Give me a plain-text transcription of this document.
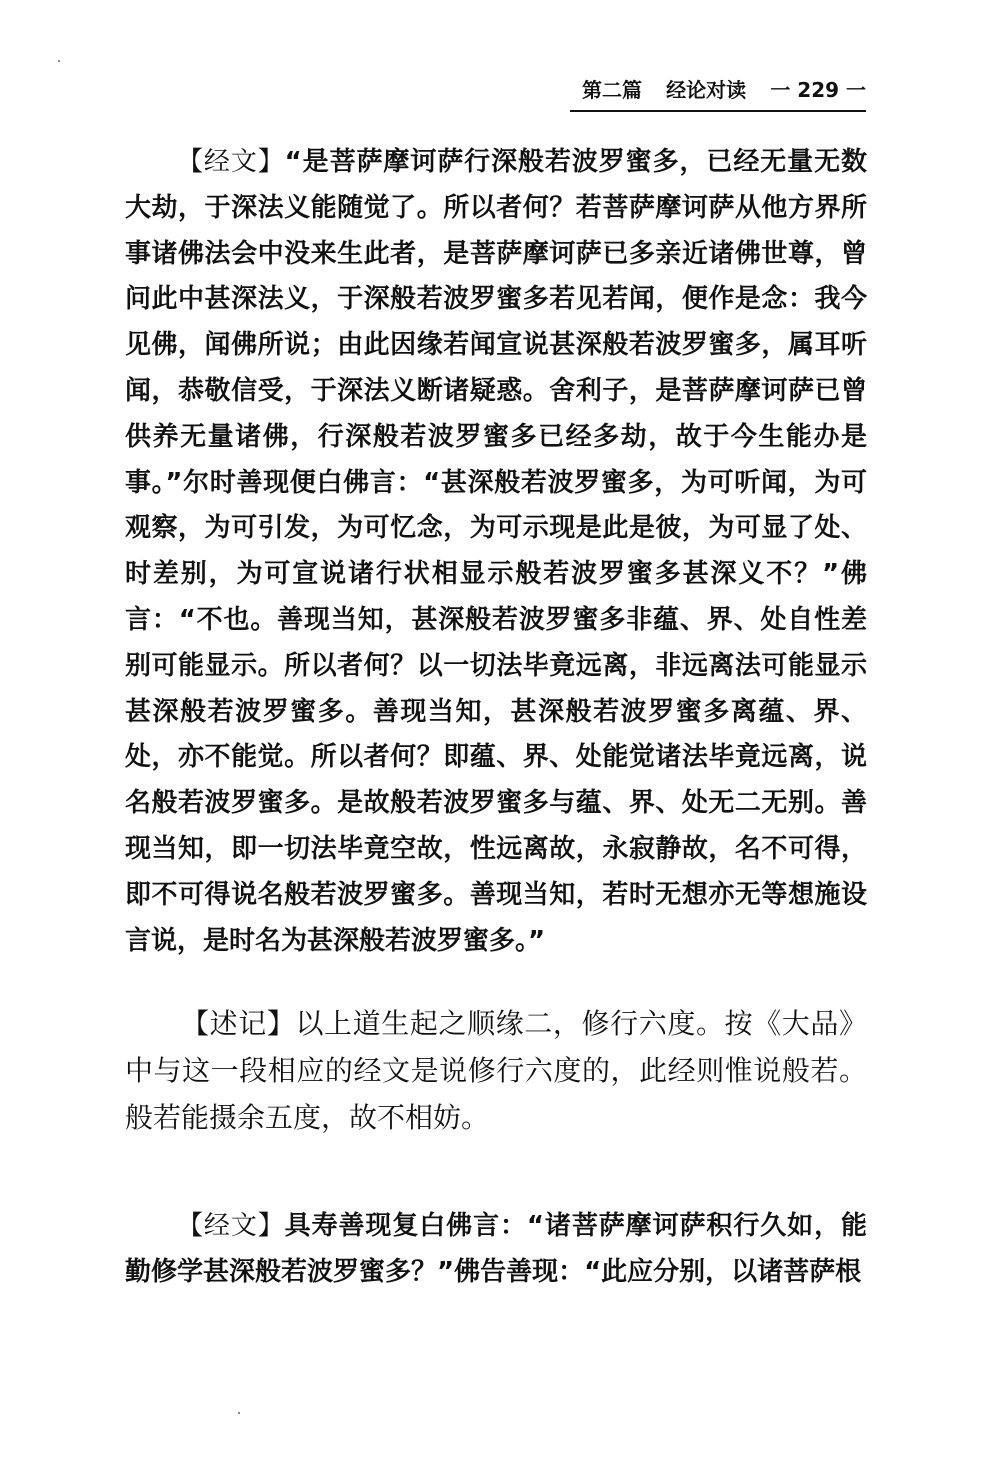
第二篇 经论对读 一 229 一

【经文】“是菩萨摩诃萨行深般若波罗蜜多，已经无量无数大劫，于深法义能随觉了。所以者何？若菩萨摩诃萨从他方界所事诸佛法会中没来生此者，是菩萨摩诃萨已多亲近诸佛世尊，曾问此中甚深法义，于深般若波罗蜜多若见若闻，便作是念：我今见佛，闻佛所说；由此因缘若闻宣说甚深般若波罗蜜多，属耳听闻，恭敬信受，于深法义断诸疑惑。舍利子，是菩萨摩诃萨已曾供养无量诸佛，行深般若波罗蜜多已经多劫，故于今生能办是事。”尔时善现便白佛言：“甚深般若波罗蜜多，为可听闻，为可观察，为可引发，为可忆念，为可示现是此是彼，为可显了处、时差别，为可宣说诸行状相显示般若波罗蜜多甚深义不？”佛言：“不也。善现当知，甚深般若波罗蜜多非蕴、界、处自性差别可能显示。所以者何？以一切法毕竟远离，非远离法可能显示甚深般若波罗蜜多。善现当知，甚深般若波罗蜜多离蕴、界、处，亦不能觉。所以者何？即蕴、界、处能觉诸法毕竟远离，说名般若波罗蜜多。是故般若波罗蜜多与蕴、界、处无二无别。善现当知，即一切法毕竟空故，性远离故，永寂静故，名不可得，即不可得说名般若波罗蜜多。善现当知，若时无想亦无等想施设言说，是时名为甚深般若波罗蜜多。”

【述记】以上道生起之顺缘二，修行六度。按《大品》中与这一段相应的经文是说修行六度的，此经则惟说般若。般若能摄余五度，故不相妨。

【经文】具寿善现复白佛言：“诸菩萨摩诃萨积行久如，能勤修学甚深般若波罗蜜多？”佛告善现：“此应分别，以诸菩萨根
